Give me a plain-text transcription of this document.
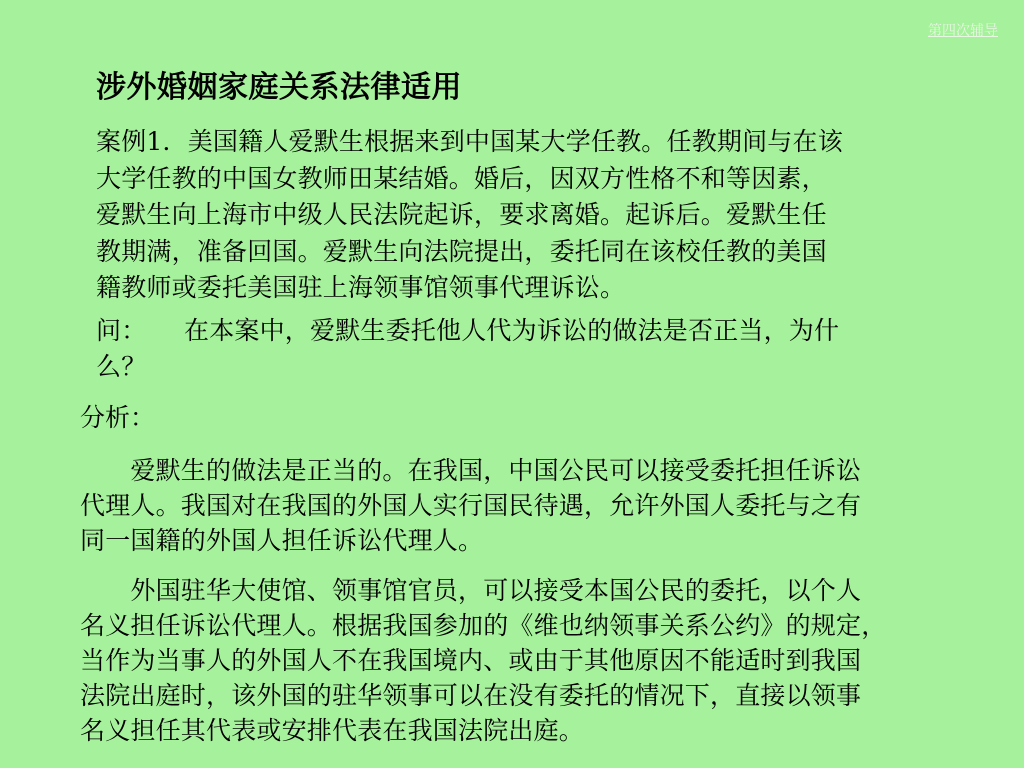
第四次辅导
涉外婚姻家庭关系法律适用
案例1．美国籍人爱默生根据来到中国某大学任教。任教期间与在该
大学任教的中国女教师田某结婚。婚后，因双方性格不和等因素，
爱默生向上海市中级人民法院起诉，要求离婚。起诉后。爱默生任
教期满，准备回国。爱默生向法院提出，委托同在该校任教的美国
籍教师或委托美国驻上海领事馆领事代理诉讼。
问： 在本案中，爱默生委托他人代为诉讼的做法是否正当，为什
么？
分析：
　　爱默生的做法是正当的。在我国，中国公民可以接受委托担任诉讼
代理人。我国对在我国的外国人实行国民待遇，允许外国人委托与之有
同一国籍的外国人担任诉讼代理人。
　　外国驻华大使馆、领事馆官员，可以接受本国公民的委托，以个人
名义担任诉讼代理人。根据我国参加的《维也纳领事关系公约》的规定，
当作为当事人的外国人不在我国境内、或由于其他原因不能适时到我国
法院出庭时，该外国的驻华领事可以在没有委托的情况下，直接以领事
名义担任其代表或安排代表在我国法院出庭。
